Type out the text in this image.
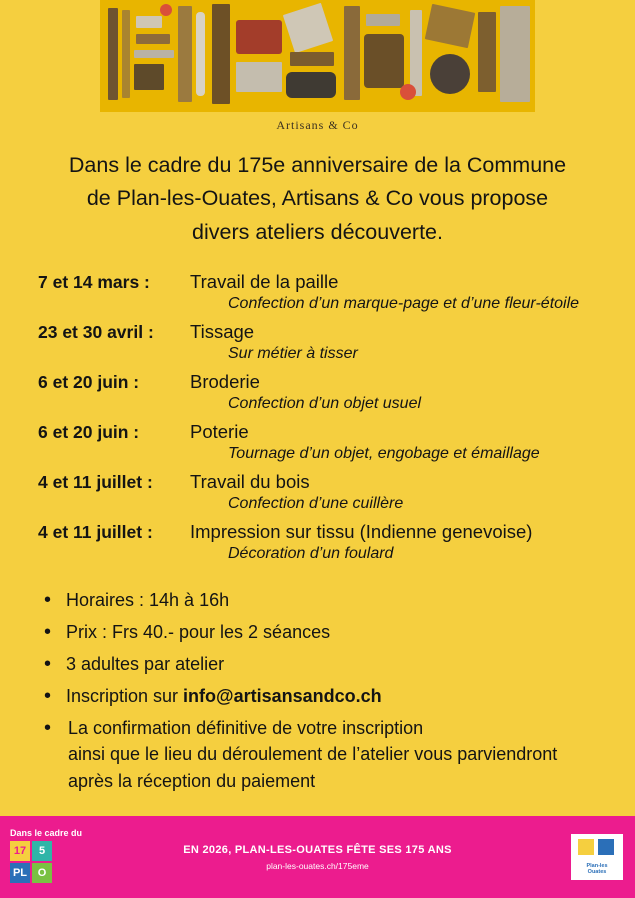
Artisans & Co
Dans le cadre du 175e anniversaire de la Commune
de Plan-les-Ouates, Artisans & Co vous propose
divers ateliers découverte.
7 et 14 mars :	Travail de la paille
Confection d’un marque-page et d’une fleur-étoile
23 et 30 avril :	Tissage
Sur métier à tisser
6 et 20 juin :	Broderie
Confection d’un objet usuel
6 et 20 juin :	Poterie
Tournage d’un objet, engobage et émaillage
4 et 11 juillet :	Travail du bois
Confection d’une cuillère
4 et 11 juillet :	Impression sur tissu (Indienne genevoise)
Décoration d’un foulard
• Horaires : 14h à 16h
• Prix : Frs 40.- pour les 2 séances
• 3 adultes par atelier
• Inscription sur info@artisansandco.ch
• La confirmation définitive de votre inscription
ainsi que le lieu du déroulement de l’atelier vous parviendront
après la réception du paiement
Dans le cadre du
17	5
PL O
EN 2026, PLAN-LES-OUATES FÊTE SES 175 ANS
plan-les-ouates.ch/175eme	Plan-les
Ouates
